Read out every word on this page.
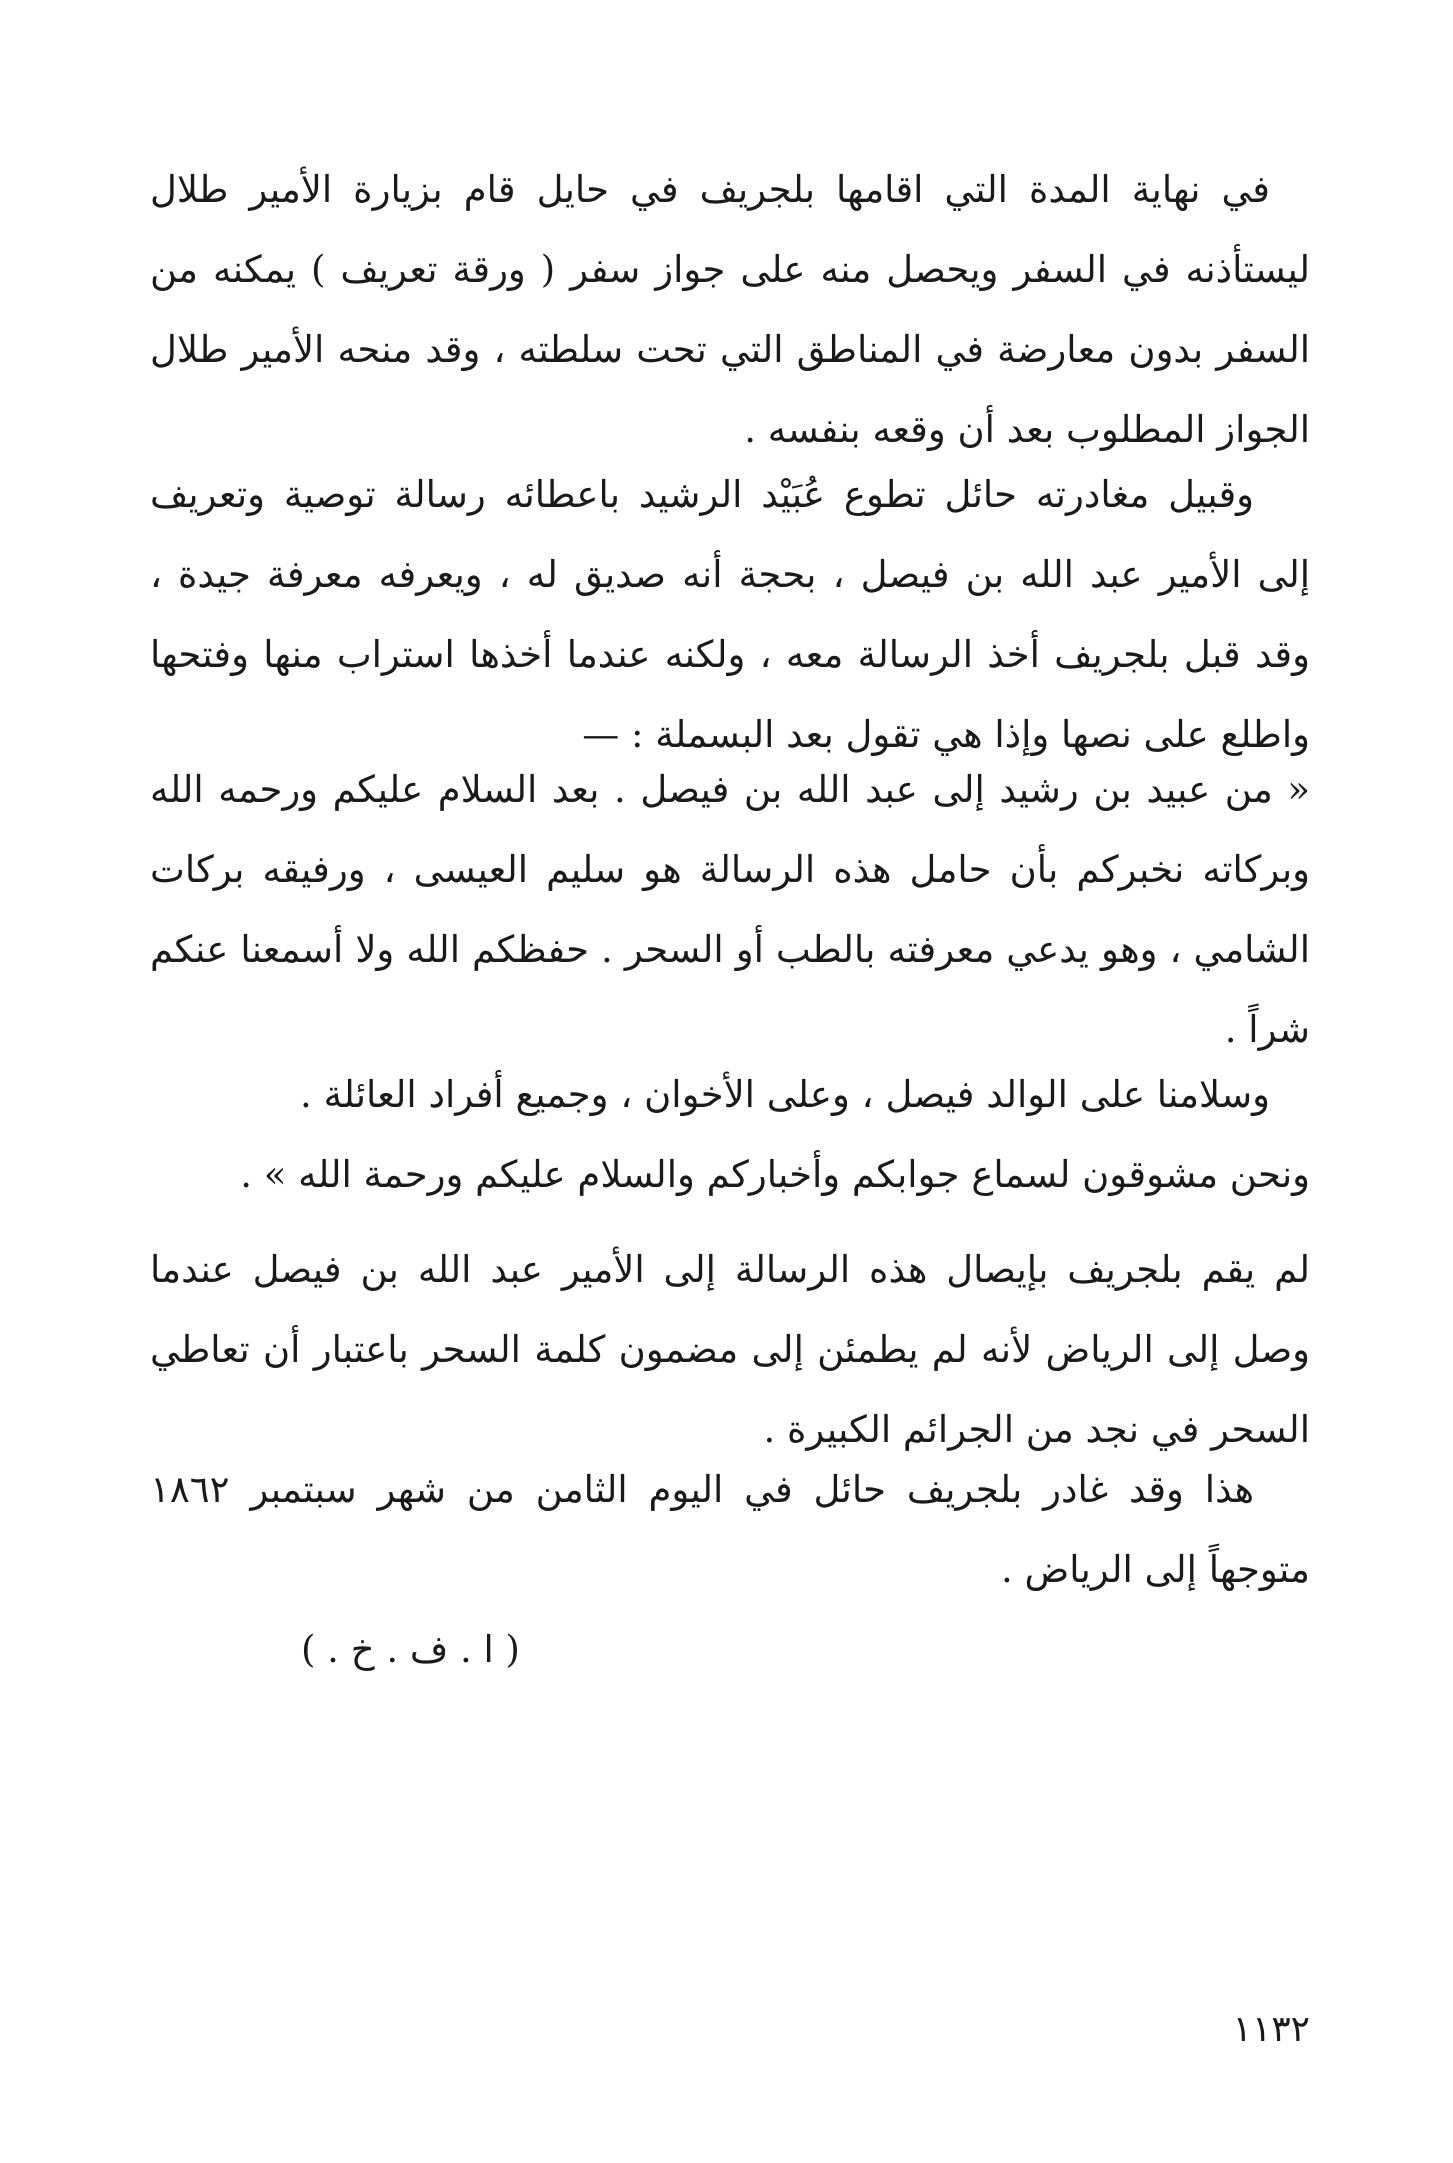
في نهاية المدة التي اقامها بلجريف في حايل قام بزيارة الأمير طلال
ليستأذنه في السفر ويحصل منه على جواز سفر ( ورقة تعريف ) يمكنه من
السفر بدون معارضة في المناطق التي تحت سلطته ، وقد منحه الأمير طلال
الجواز المطلوب بعد أن وقعه بنفسه .

وقبيل مغادرته حائل تطوع عُبَيْد الرشيد باعطائه رسالة توصية وتعريف
إلى الأمير عبد الله بن فيصل ، بحجة أنه صديق له ، ويعرفه معرفة جيدة ،
وقد قبل بلجريف أخذ الرسالة معه ، ولكنه عندما أخذها استراب منها وفتحها
واطلع على نصها وإذا هي تقول بعد البسملة : —

« من عبيد بن رشيد إلى عبد الله بن فيصل . بعد السلام عليكم ورحمه الله
وبركاته نخبركم بأن حامل هذه الرسالة هو سليم العيسى ، ورفيقه بركات
الشامي ، وهو يدعي معرفته بالطب أو السحر . حفظكم الله ولا أسمعنا عنكم
شراً .

وسلامنا على الوالد فيصل ، وعلى الأخوان ، وجميع أفراد العائلة .
ونحن مشوقون لسماع جوابكم وأخباركم والسلام عليكم ورحمة الله » .

لم يقم بلجريف بإيصال هذه الرسالة إلى الأمير عبد الله بن فيصل عندما
وصل إلى الرياض لأنه لم يطمئن إلى مضمون كلمة السحر باعتبار أن تعاطي
السحر في نجد من الجرائم الكبيرة .

هذا وقد غادر بلجريف حائل في اليوم الثامن من شهر سبتمبر ١٨٦٢
متوجهاً إلى الرياض .

( ا . ف . خ . )

١١٣٢
